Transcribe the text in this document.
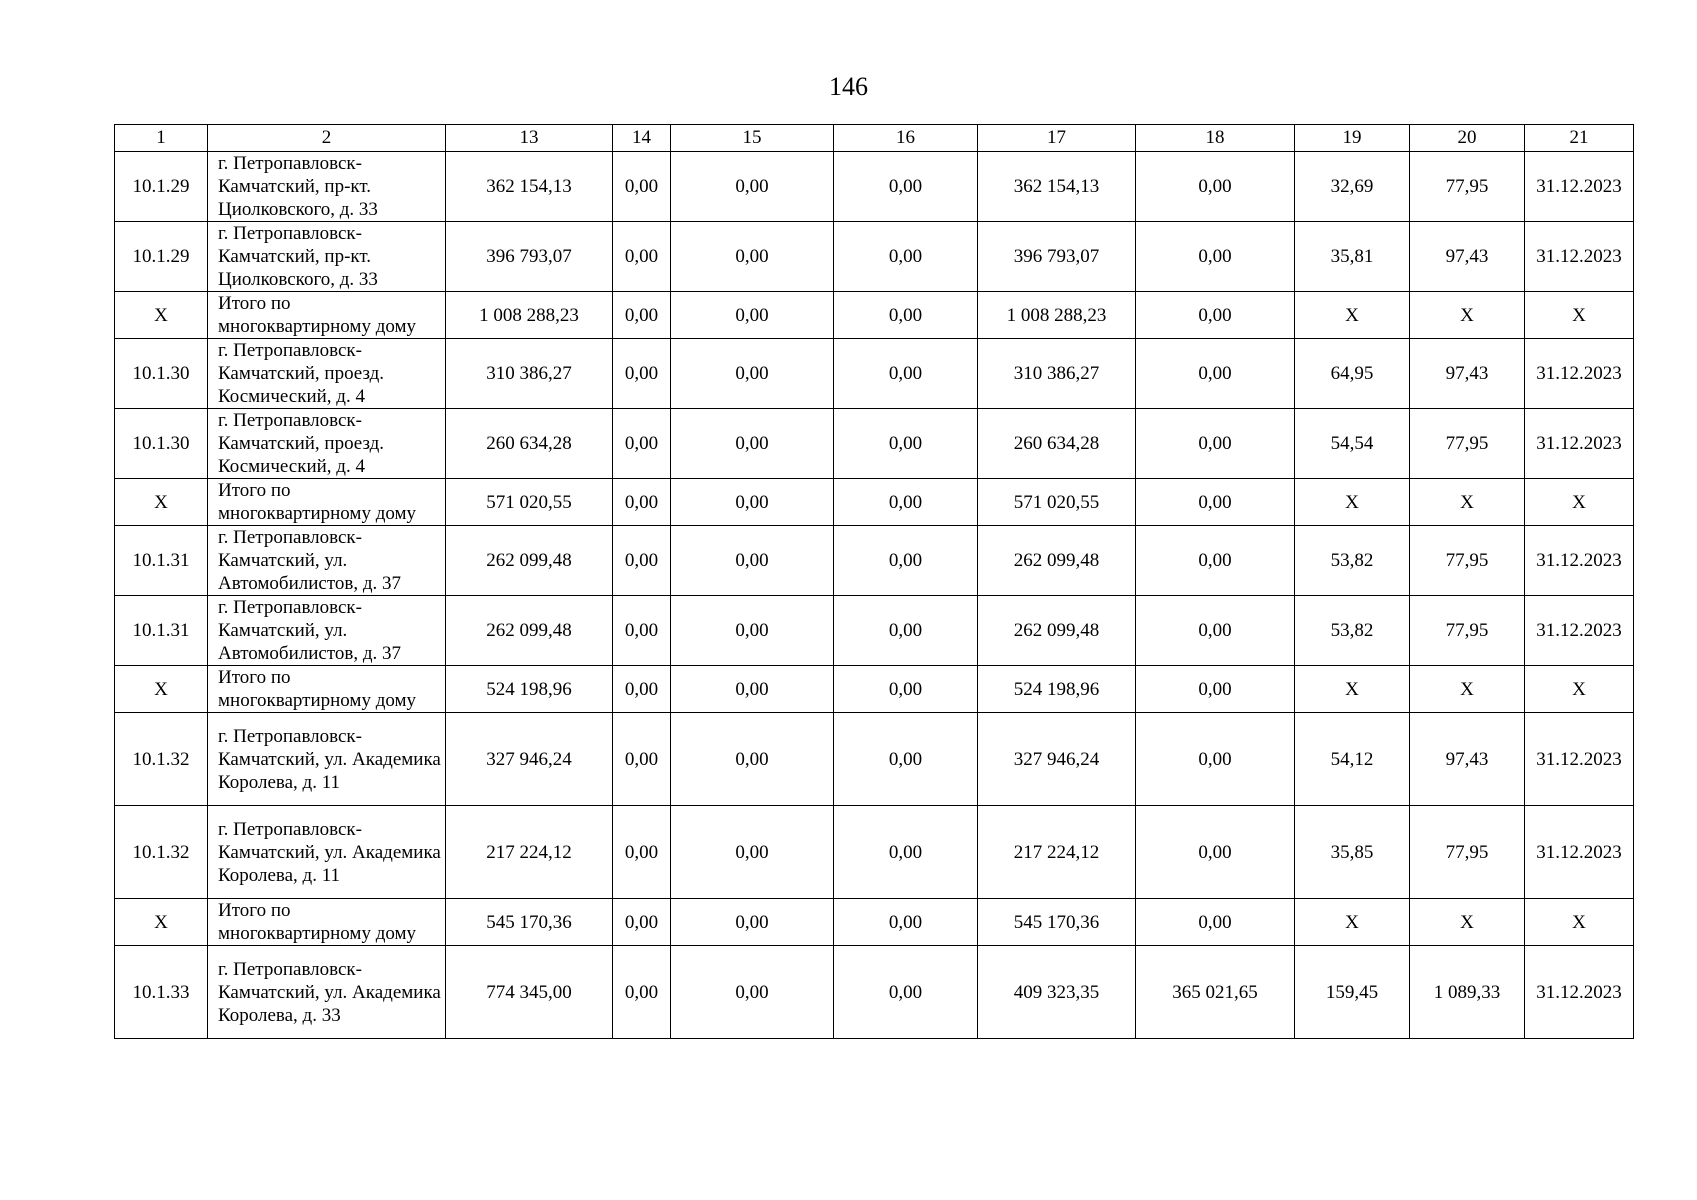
146
1	2	13	14	15	16	17	18	19	20	21
10.1.29	г. Петропавловск-Камчатский, пр-кт. Циолковского, д. 33	362 154,13	0,00	0,00	0,00	362 154,13	0,00	32,69	77,95	31.12.2023
10.1.29	г. Петропавловск-Камчатский, пр-кт. Циолковского, д. 33	396 793,07	0,00	0,00	0,00	396 793,07	0,00	35,81	97,43	31.12.2023
X	Итого по многоквартирному дому	1 008 288,23	0,00	0,00	0,00	1 008 288,23	0,00	X	X	X
10.1.30	г. Петропавловск-Камчатский, проезд. Космический, д. 4	310 386,27	0,00	0,00	0,00	310 386,27	0,00	64,95	97,43	31.12.2023
10.1.30	г. Петропавловск-Камчатский, проезд. Космический, д. 4	260 634,28	0,00	0,00	0,00	260 634,28	0,00	54,54	77,95	31.12.2023
X	Итого по многоквартирному дому	571 020,55	0,00	0,00	0,00	571 020,55	0,00	X	X	X
10.1.31	г. Петропавловск-Камчатский, ул. Автомобилистов, д. 37	262 099,48	0,00	0,00	0,00	262 099,48	0,00	53,82	77,95	31.12.2023
10.1.31	г. Петропавловск-Камчатский, ул. Автомобилистов, д. 37	262 099,48	0,00	0,00	0,00	262 099,48	0,00	53,82	77,95	31.12.2023
X	Итого по многоквартирному дому	524 198,96	0,00	0,00	0,00	524 198,96	0,00	X	X	X
10.1.32	г. Петропавловск-Камчатский, ул. Академика Королева, д. 11	327 946,24	0,00	0,00	0,00	327 946,24	0,00	54,12	97,43	31.12.2023
10.1.32	г. Петропавловск-Камчатский, ул. Академика Королева, д. 11	217 224,12	0,00	0,00	0,00	217 224,12	0,00	35,85	77,95	31.12.2023
X	Итого по многоквартирному дому	545 170,36	0,00	0,00	0,00	545 170,36	0,00	X	X	X
10.1.33	г. Петропавловск-Камчатский, ул. Академика Королева, д. 33	774 345,00	0,00	0,00	0,00	409 323,35	365 021,65	159,45	1 089,33	31.12.2023
